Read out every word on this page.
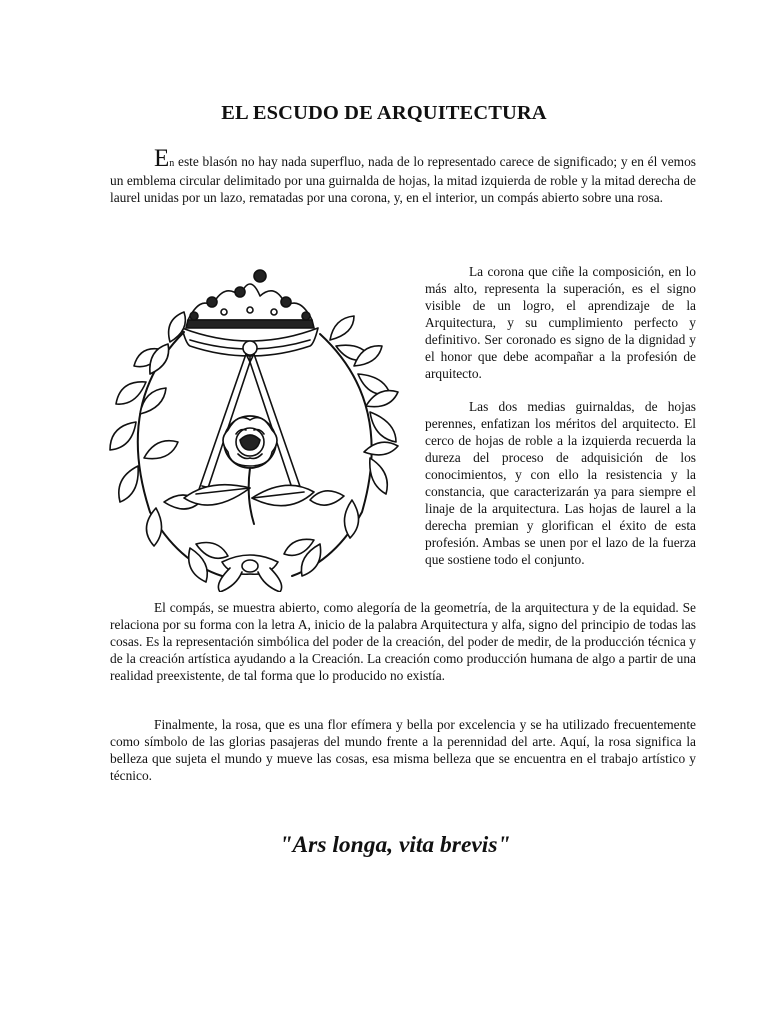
EL ESCUDO DE ARQUITECTURA

En este blasón no hay nada superfluo, nada de lo representado carece de significado; y en él vemos un emblema circular delimitado por una guirnalda de hojas, la mitad izquierda de roble y la mitad derecha de laurel unidas por un lazo, rematadas por una corona, y, en el interior, un compás abierto sobre una rosa.

La corona que ciñe la composición, en lo más alto, representa la superación, es el signo visible de un logro, el aprendizaje de la Arquitectura, y su cumplimiento perfecto y definitivo. Ser coronado es signo de la dignidad y el honor que debe acompañar a la profesión de arquitecto.

Las dos medias guirnaldas, de hojas perennes, enfatizan los méritos del arquitecto. El cerco de hojas de roble a la izquierda recuerda la dureza del proceso de adquisición de los conocimientos, y con ello la resistencia y la constancia, que caracterizarán ya para siempre el linaje de la arquitectura. Las hojas de laurel a la derecha premian y glorifican el éxito de esta profesión. Ambas se unen por el lazo de la fuerza que sostiene todo el conjunto.

El compás, se muestra abierto, como alegoría de la geometría, de la arquitectura y de la equidad. Se relaciona por su forma con la letra A, inicio de la palabra Arquitectura y alfa, signo del principio de todas las cosas. Es la representación simbólica del poder de la creación, del poder de medir, de la producción técnica y de la creación artística ayudando a la Creación. La creación como producción humana de algo a partir de una realidad preexistente, de tal forma que lo producido no existía.

Finalmente, la rosa, que es una flor efímera y bella por excelencia y se ha utilizado frecuentemente como símbolo de las glorias pasajeras del mundo frente a la perennidad del arte. Aquí, la rosa significa la belleza que sujeta el mundo y mueve las cosas, esa misma belleza que se encuentra en el trabajo artístico y técnico.

"Ars longa, vita brevis"
